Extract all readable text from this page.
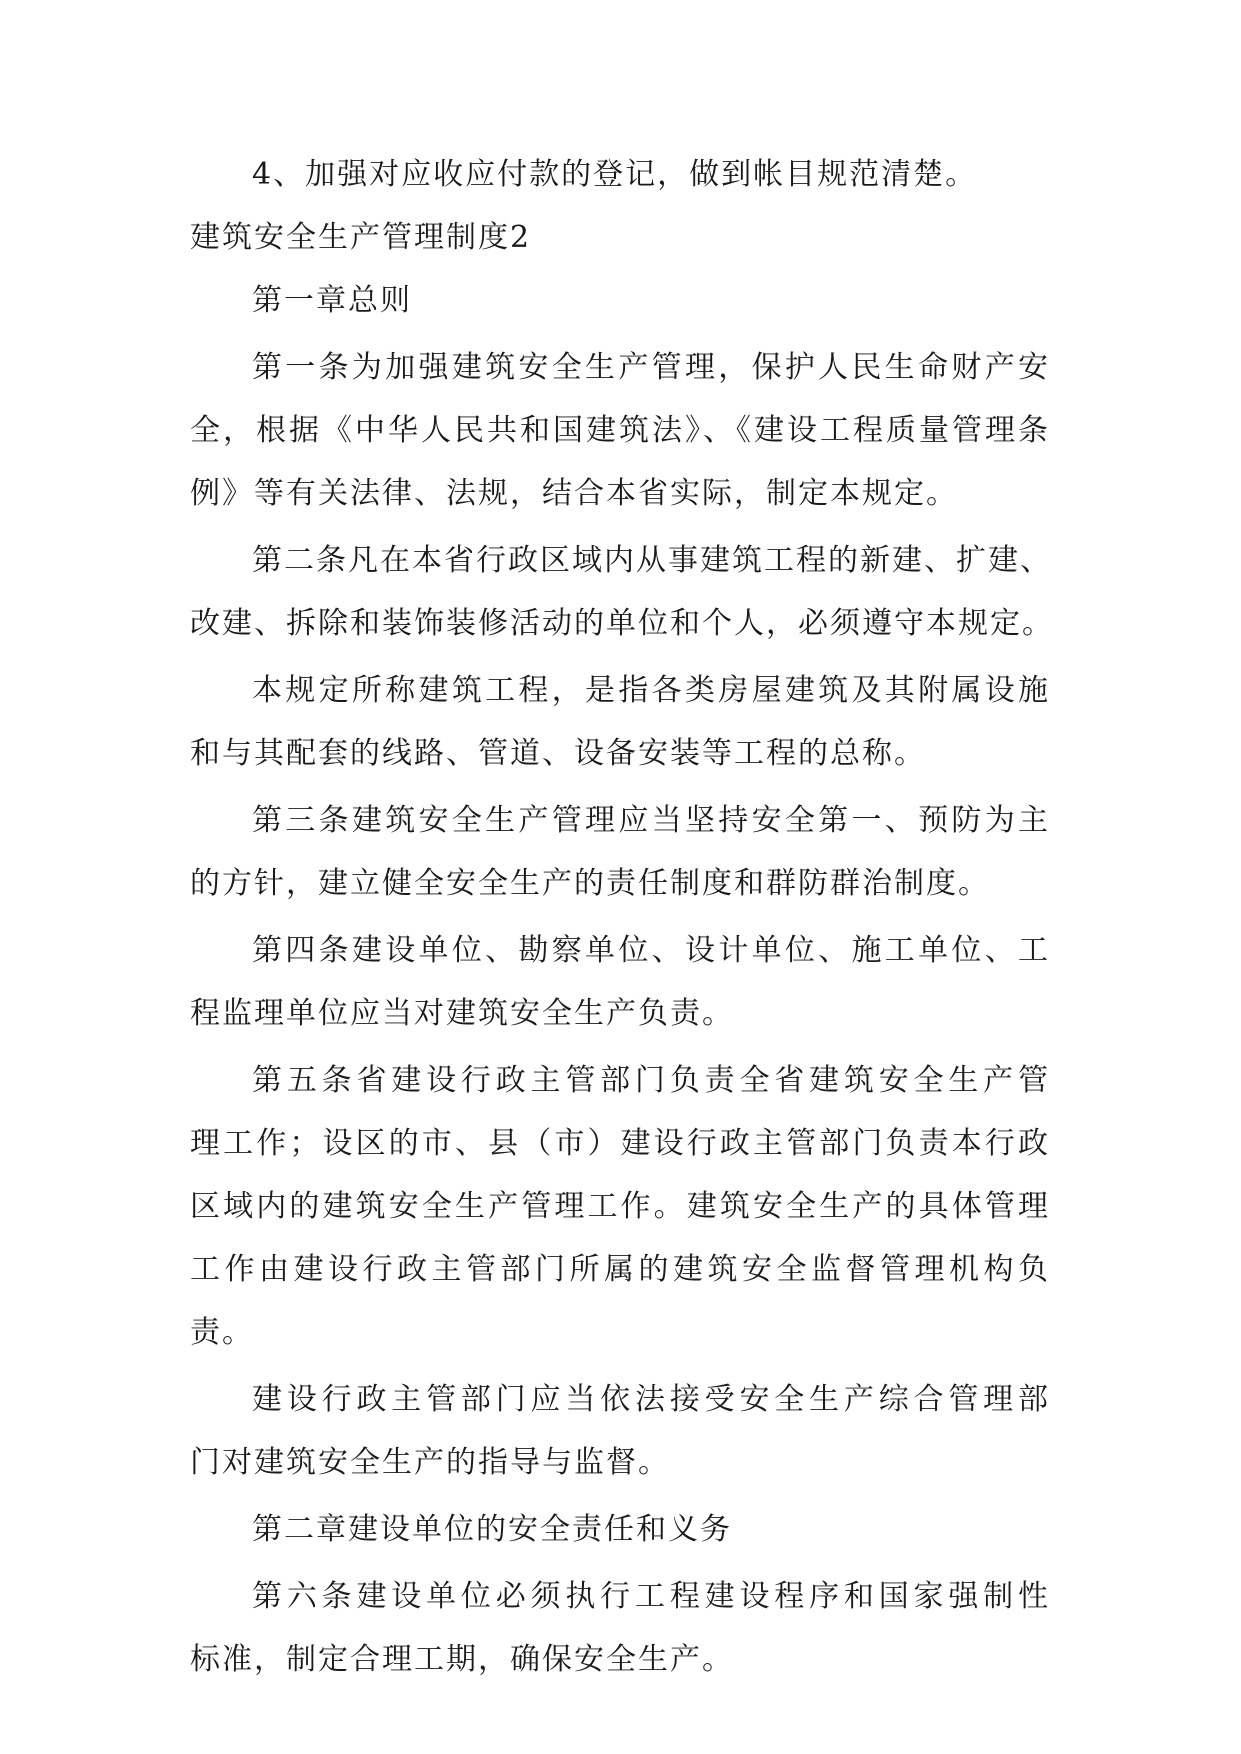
4、加强对应收应付款的登记，做到帐目规范清楚。

建筑安全生产管理制度2

第一章总则

第一条为加强建筑安全生产管理，保护人民生命财产安

全，根据《中华人民共和国建筑法》、《建设工程质量管理条

例》等有关法律、法规，结合本省实际，制定本规定。

第二条凡在本省行政区域内从事建筑工程的新建、扩建、

改建、拆除和装饰装修活动的单位和个人，必须遵守本规定。

本规定所称建筑工程，是指各类房屋建筑及其附属设施

和与其配套的线路、管道、设备安装等工程的总称。

第三条建筑安全生产管理应当坚持安全第一、预防为主

的方针，建立健全安全生产的责任制度和群防群治制度。

第四条建设单位、勘察单位、设计单位、施工单位、工

程监理单位应当对建筑安全生产负责。

第五条省建设行政主管部门负责全省建筑安全生产管

理工作；设区的市、县（市）建设行政主管部门负责本行政

区域内的建筑安全生产管理工作。建筑安全生产的具体管理

工作由建设行政主管部门所属的建筑安全监督管理机构负

责。

建设行政主管部门应当依法接受安全生产综合管理部

门对建筑安全生产的指导与监督。

第二章建设单位的安全责任和义务

第六条建设单位必须执行工程建设程序和国家强制性

标准，制定合理工期，确保安全生产。
